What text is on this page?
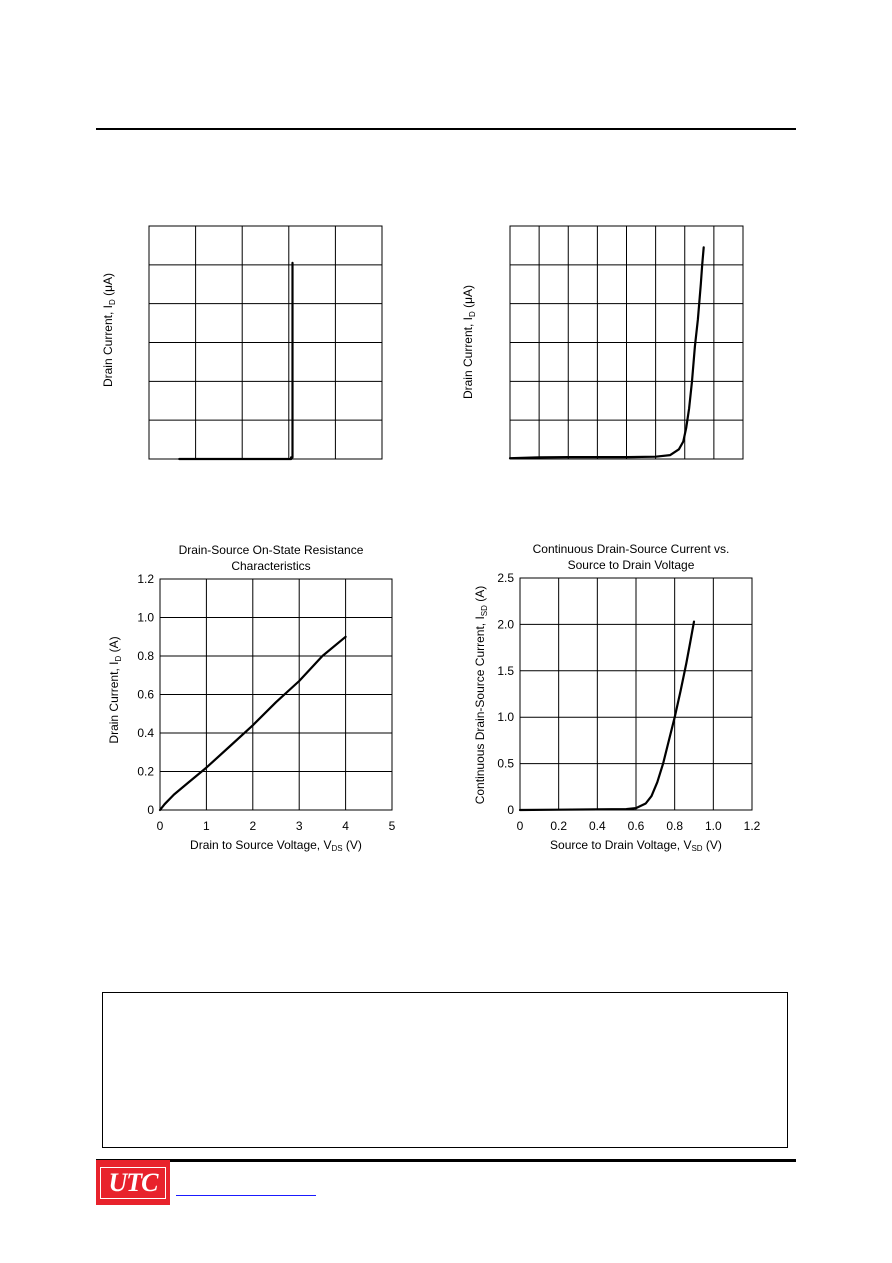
Drain Current, $I_D$ (μA)
Drain Current, $I_D$ (μA)
0	1	2	3	4	5
0
0.2
0.4
0.6
0.8
1.0
1.2
Drain Current, $I_D$ (A)
Drain to Source Voltage, VDS (V)
Drain-Source On-State Resistance
Characteristics
0 0.2 0.4 0.6 0.8 1.0 1.2
0
0.5
1.0
1.5
2.0
2.5
Continuous Drain-Source Current, $I_{SD}$ (A)
Source to Drain Voltage, VSD (V)
Continuous Drain-Source Current vs.
Source to Drain Voltage
UTC
